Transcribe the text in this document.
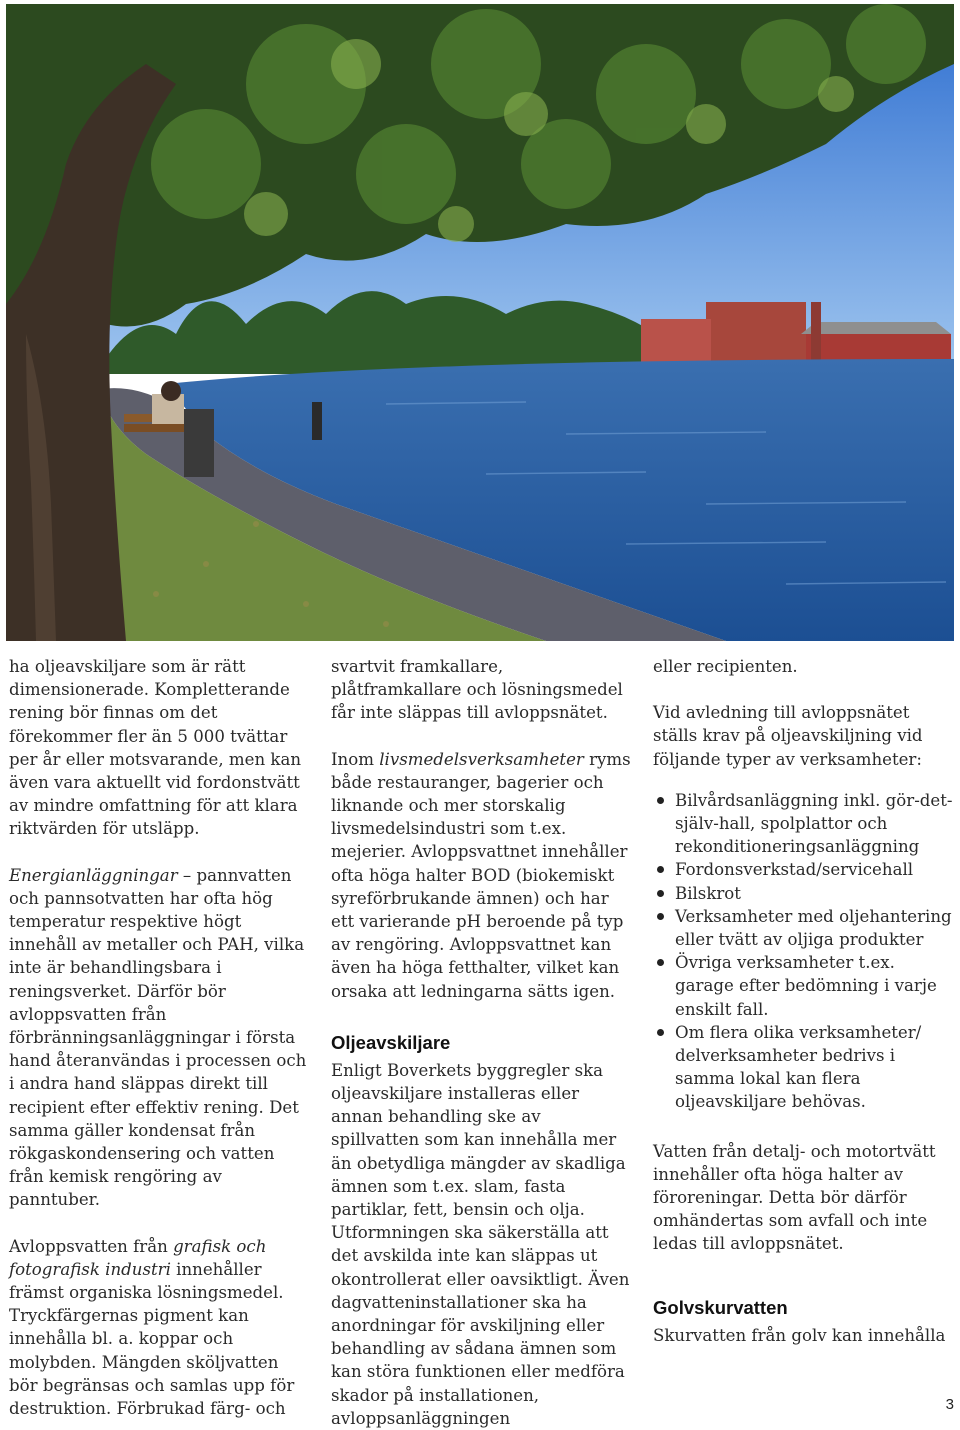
ha oljeavskiljare som är rätt dimensionerade. Kompletterande rening bör finnas om det förekommer fler än 5 000 tvättar per år eller motsvarande, men kan även vara aktuellt vid fordonstvätt av mindre omfattning för att klara riktvärden för utsläpp.

Energianläggningar – pannvatten och pannsotvatten har ofta hög temperatur respektive högt innehåll av metaller och PAH, vilka inte är behandlingsbara i reningsverket. Därför bör avloppsvatten från förbränningsanläggningar i första hand återanvändas i processen och i andra hand släppas direkt till recipient efter effektiv rening. Det samma gäller kondensat från rökgaskondensering och vatten från kemisk rengöring av panntuber.

Avloppsvatten från grafisk och fotografisk industri innehåller främst organiska lösningsmedel. Tryckfärgernas pigment kan innehålla bl. a. koppar och molybden. Mängden sköljvatten bör begränsas och samlas upp för destruktion. Förbrukad färg- och

svartvit framkallare, plåtframkallare och lösningsmedel får inte släppas till avloppsnätet.

Inom livsmedelsverksamheter ryms både restauranger, bagerier och liknande och mer storskalig livsmedelsindustri som t.ex. mejerier. Avloppsvattnet innehåller ofta höga halter BOD (biokemiskt syreförbrukande ämnen) och har ett varierande pH beroende på typ av rengöring. Avloppsvattnet kan även ha höga fetthalter, vilket kan orsaka att ledningarna sätts igen.

Oljeavskiljare

Enligt Boverkets byggregler ska oljeavskiljare installeras eller annan behandling ske av spillvatten som kan innehålla mer än obetydliga mängder av skadliga ämnen som t.ex. slam, fasta partiklar, fett, bensin och olja. Utformningen ska säkerställa att det avskilda inte kan släppas ut okontrollerat eller oavsiktligt. Även dagvatteninstallationer ska ha anordningar för avskiljning eller behandling av sådana ämnen som kan störa funktionen eller medföra skador på installationen, avloppsanläggningen

eller recipienten.

Vid avledning till avloppsnätet ställs krav på oljeavskiljning vid följande typer av verksamheter:

Bilvårdsanläggning inkl. gör-det-själv-hall, spolplattor och rekonditioneringsanläggning
Fordonsverkstad/servicehall
Bilskrot
Verksamheter med oljehantering eller tvätt av oljiga produkter
Övriga verksamheter t.ex. garage efter bedömning i varje enskilt fall.
Om flera olika verksamheter/ delverksamheter bedrivs i samma lokal kan flera oljeavskiljare behövas.

Vatten från detalj- och motortvätt innehåller ofta höga halter av föroreningar. Detta bör därför omhändertas som avfall och inte ledas till avloppsnätet.

Golvskurvatten

Skurvatten från golv kan innehålla

3
